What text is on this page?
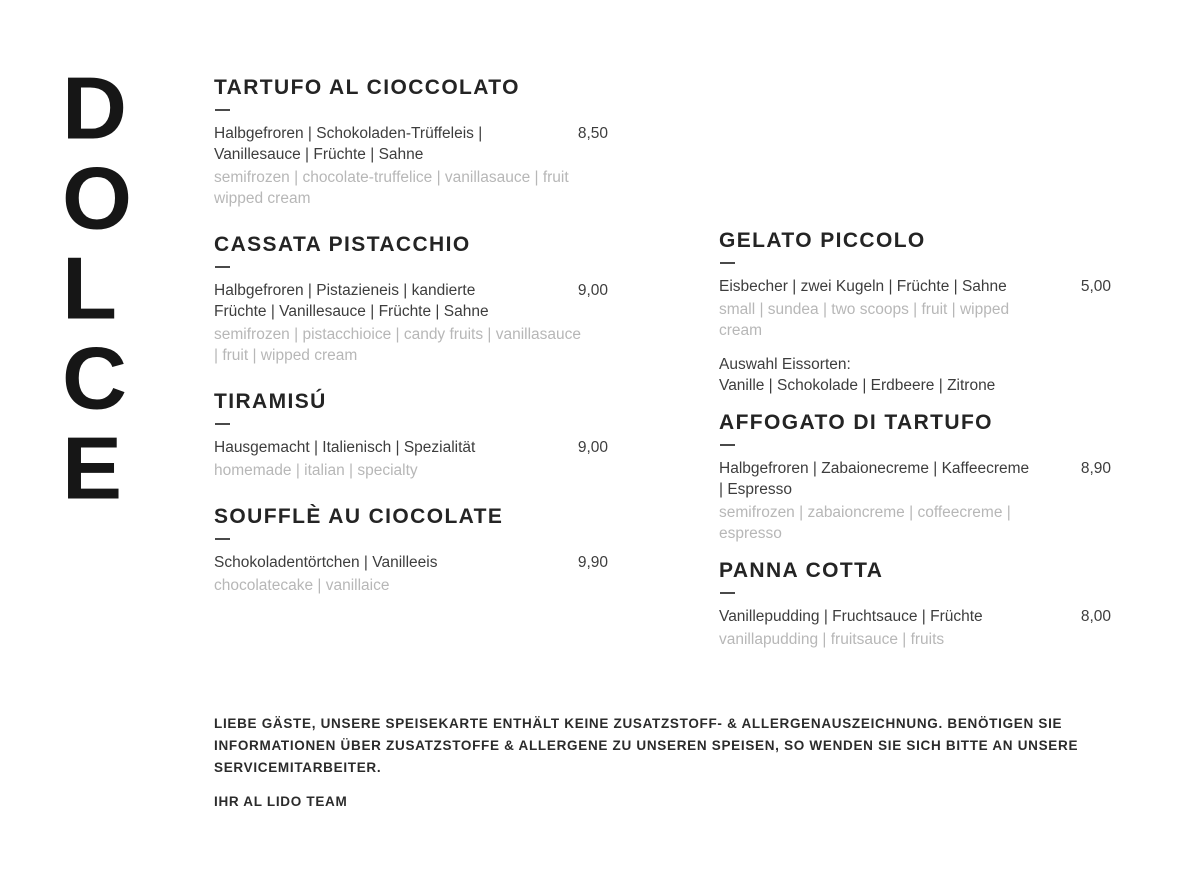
D
O
L
C
E
TARTUFO AL CIOCCOLATO

Halbgefroren | Schokoladen-Trüffeleis | Vanillesauce | Früchte | Sahne

8,50

semifrozen | chocolate-truffelice | vanillasauce | fruit wipped cream

CASSATA PISTACCHIO

Halbgefroren | Pistazieneis | kandierte Früchte | Vanillesauce | Früchte | Sahne

9,00

semifrozen | pistacchioice | candy fruits | vanillasauce | fruit | wipped cream

TIRAMISÚ

Hausgemacht | Italienisch | Spezialität	9,00

homemade | italian | specialty

SOUFFLÈ AU CIOCOLATE

Schokoladentörtchen | Vanilleeis	9,90

chocolatecake | vanillaice

GELATO PICCOLO

Eisbecher | zwei Kugeln | Früchte | Sahne	5,00

small | sundea | two scoops | fruit | wipped cream

Auswahl Eissorten:
Vanille | Schokolade | Erdbeere | Zitrone
AFFOGATO DI TARTUFO

Halbgefroren | Zabaionecreme | Kaffeecreme | Espresso

8,90

semifrozen | zabaioncreme | coffeecreme | espresso

PANNA COTTA

Vanillepudding | Fruchtsauce | Früchte	8,00

vanillapudding | fruitsauce | fruits

LIEBE GÄSTE, UNSERE SPEISEKARTE ENTHÄLT KEINE ZUSATZSTOFF- & ALLERGENAUSZEICHNUNG. BENÖTIGEN SIE INFORMATIONEN ÜBER ZUSATZSTOFFE & ALLERGENE ZU UNSEREN SPEISEN, SO WENDEN SIE SICH BITTE AN UNSERE SERVICEMITARBEITER.

IHR AL LIDO TEAM
